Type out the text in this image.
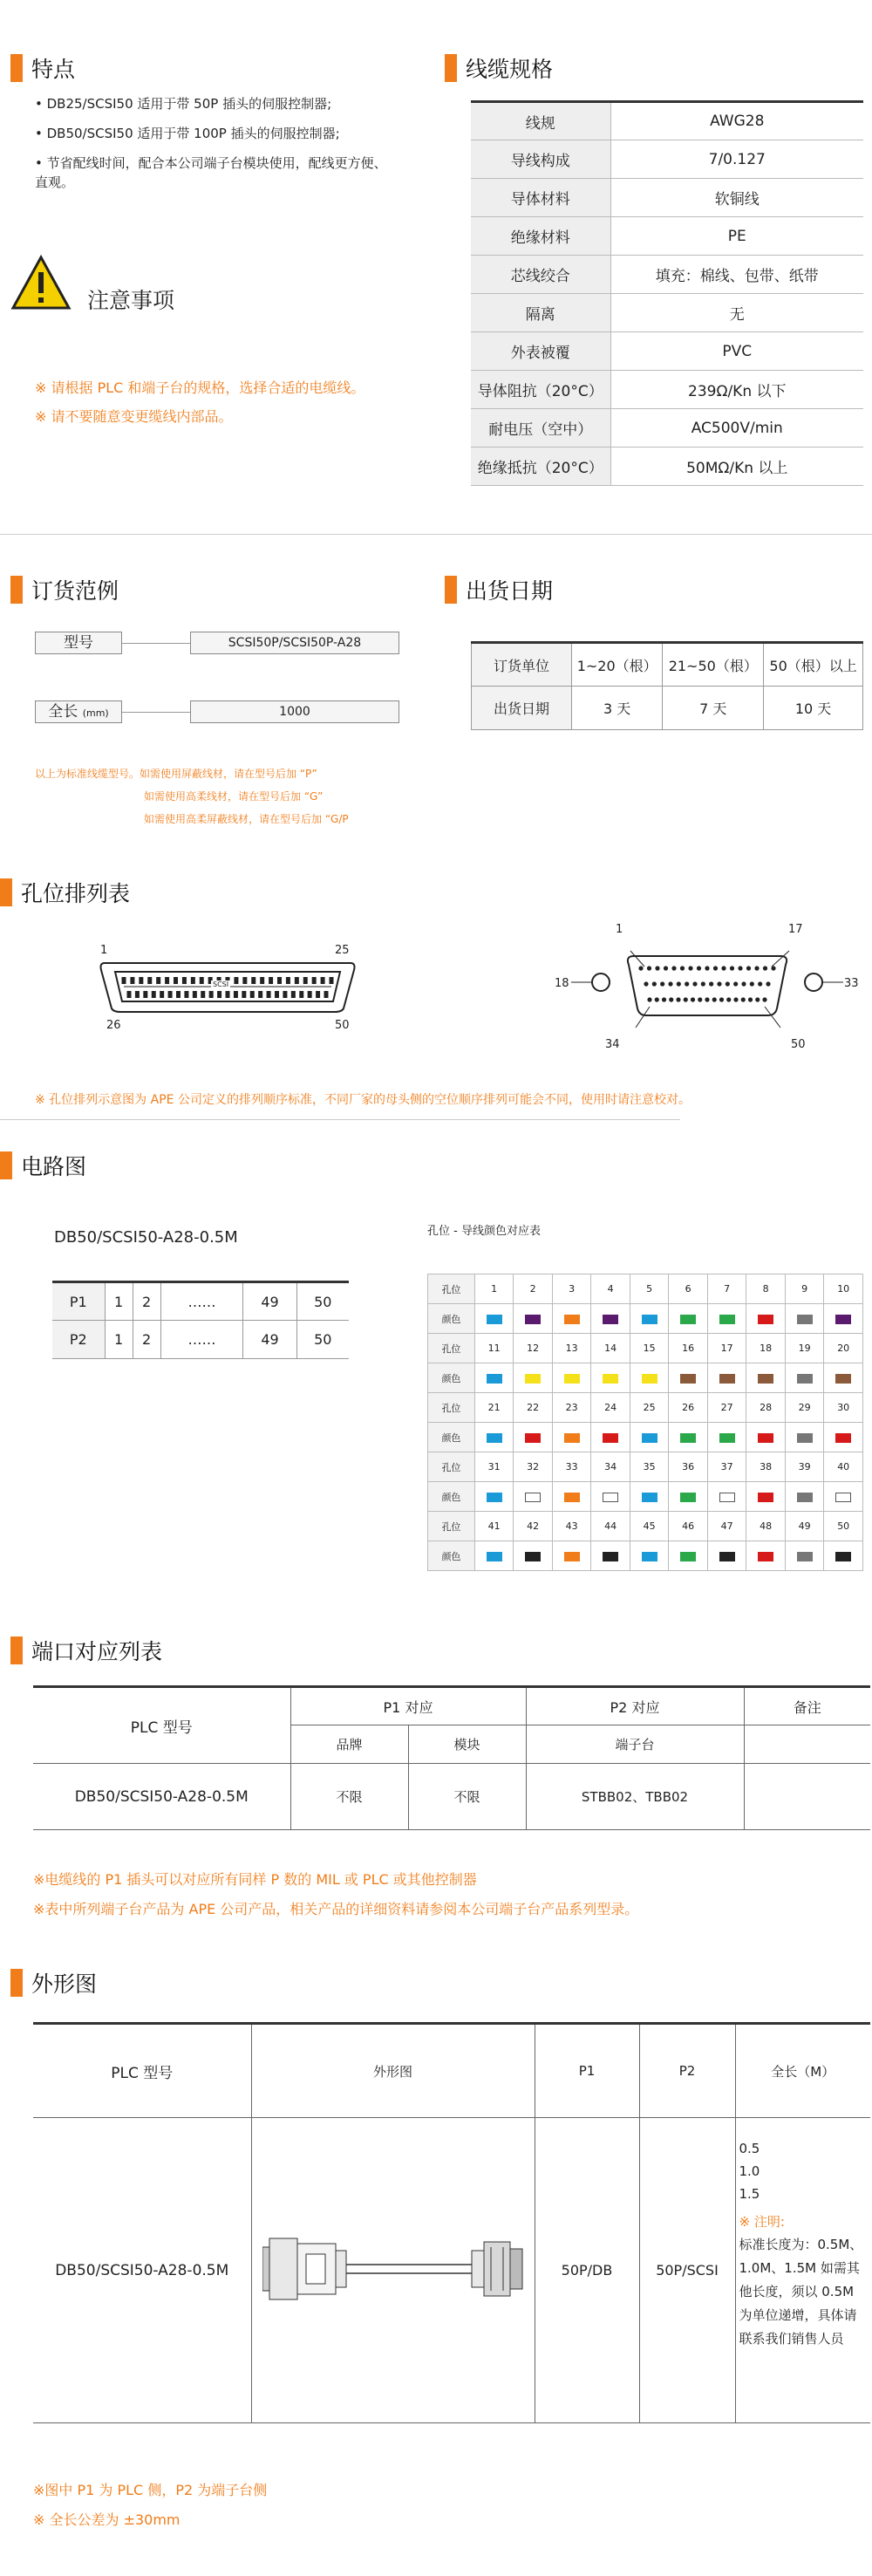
特点
• DB25/SCSI50 适用于带 50P 插头的伺服控制器;
• DB50/SCSI50 适用于带 100P 插头的伺服控制器;
• 节省配线时间，配合本公司端子台模块使用，配线更方便、直观。
注意事项
※ 请根据 PLC 和端子台的规格，选择合适的电缆线。
※ 请不要随意变更缆线内部品。
线缆规格
线规	AWG28
导线构成	7/0.127
导体材料	软铜线
绝缘材料	PE
芯线绞合	填充：棉线、包带、纸带
隔离	无
外表被覆	PVC
导体阻抗（20°C）	239Ω/Kn 以下
耐电压（空中）	AC500V/min
绝缘抵抗（20°C）	50MΩ/Kn 以上
订货范例
型号	SCSI50P/SCSI50P-A28
全长 (mm)	1000
以上为标准线缆型号。如需使用屏蔽线材，请在型号后加 “P”
如需使用高柔线材，请在型号后加 “G”
如需使用高柔屏蔽线材，请在型号后加 “G/P
出货日期
订货单位	1~20（根）	21~50（根）	50（根）以上
出货日期	3 天	7 天	10 天
孔位排列表
1	25
SCSI
26	50
1	17
18	33
34	50
※ 孔位排列示意图为 APE 公司定义的排列顺序标准，不同厂家的母头侧的空位顺序排列可能会不同，使用时请注意校对。
电路图
DB50/SCSI50-A28-0.5M
P1	1	2	……	49	50
P2	1	2	……	49	50
孔位 - 导线颜色对应表
孔位	1	2	3	4	5	6	7	8	9	10
颜色										
孔位	11	12	13	14	15	16	17	18	19	20
颜色										
孔位	21	22	23	24	25	26	27	28	29	30
颜色										
孔位	31	32	33	34	35	36	37	38	39	40
颜色										
孔位	41	42	43	44	45	46	47	48	49	50
颜色										
端口对应列表
PLC 型号	P1 对应		P2 对应	备注
	品牌	模块	端子台	
DB50/SCSI50-A28-0.5M	不限	不限	STBB02、TBB02	
※电缆线的 P1 插头可以对应所有同样 P 数的 MIL 或 PLC 或其他控制器
※表中所列端子台产品为 APE 公司产品，相关产品的详细资料请参阅本公司端子台产品系列型录。
外形图
PLC 型号	外形图	P1	P2	全长（M）
DB50/SCSI50-A28-0.5M		50P/DB	50P/SCSI	0.5
1.0
1.5
※ 注明:
标准长度为：0.5M、1.0M、1.5M 如需其他长度，须以 0.5M 为单位递增，具体请联系我们销售人员
※图中 P1 为 PLC 侧，P2 为端子台侧
※ 全长公差为 ±30mm
